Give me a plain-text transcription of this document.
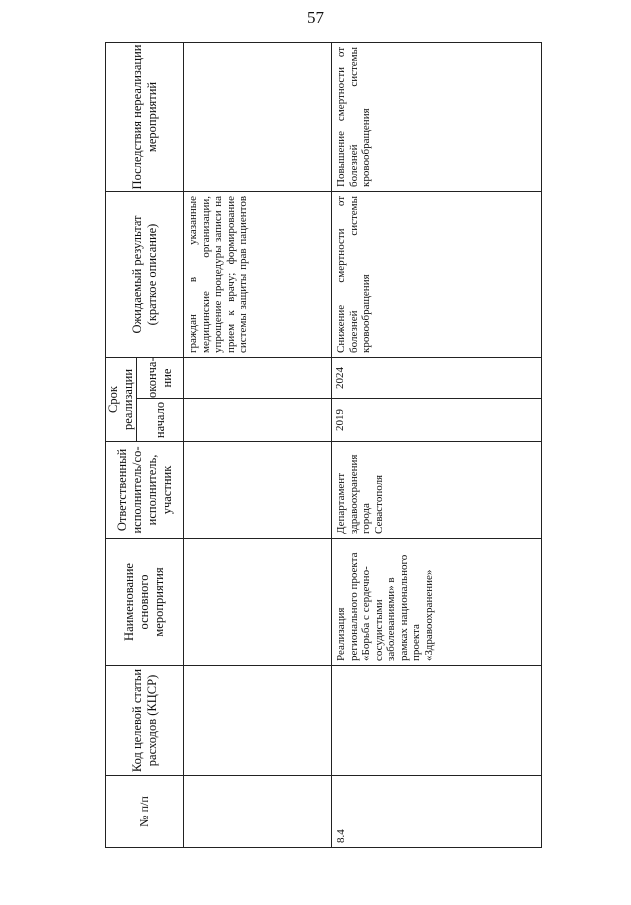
57
№ п/п	Код целевой статьи расходов (КЦСР)	Наименование основного мероприятия	Ответственный исполнитель/со-исполнитель, участник	Срок реализации		Ожидаемый результат (краткое описание)	Последствия нереализации мероприятий
				начало	оконча-ние		
						граждан в указанные медицинские организации, упрощение процедуры записи на прием к врачу; формирование системы защиты прав пациентов	
8.4		Реализация регионального проекта «Борьба с сердечно-сосудистыми заболеваниями» в рамках национального проекта «Здравоохранение»	Департамент здравоохранения города Севастополя	2019	2024	Снижение смертности от болезней системы кровообращения	Повышение смертности от болезней системы кровообращения
